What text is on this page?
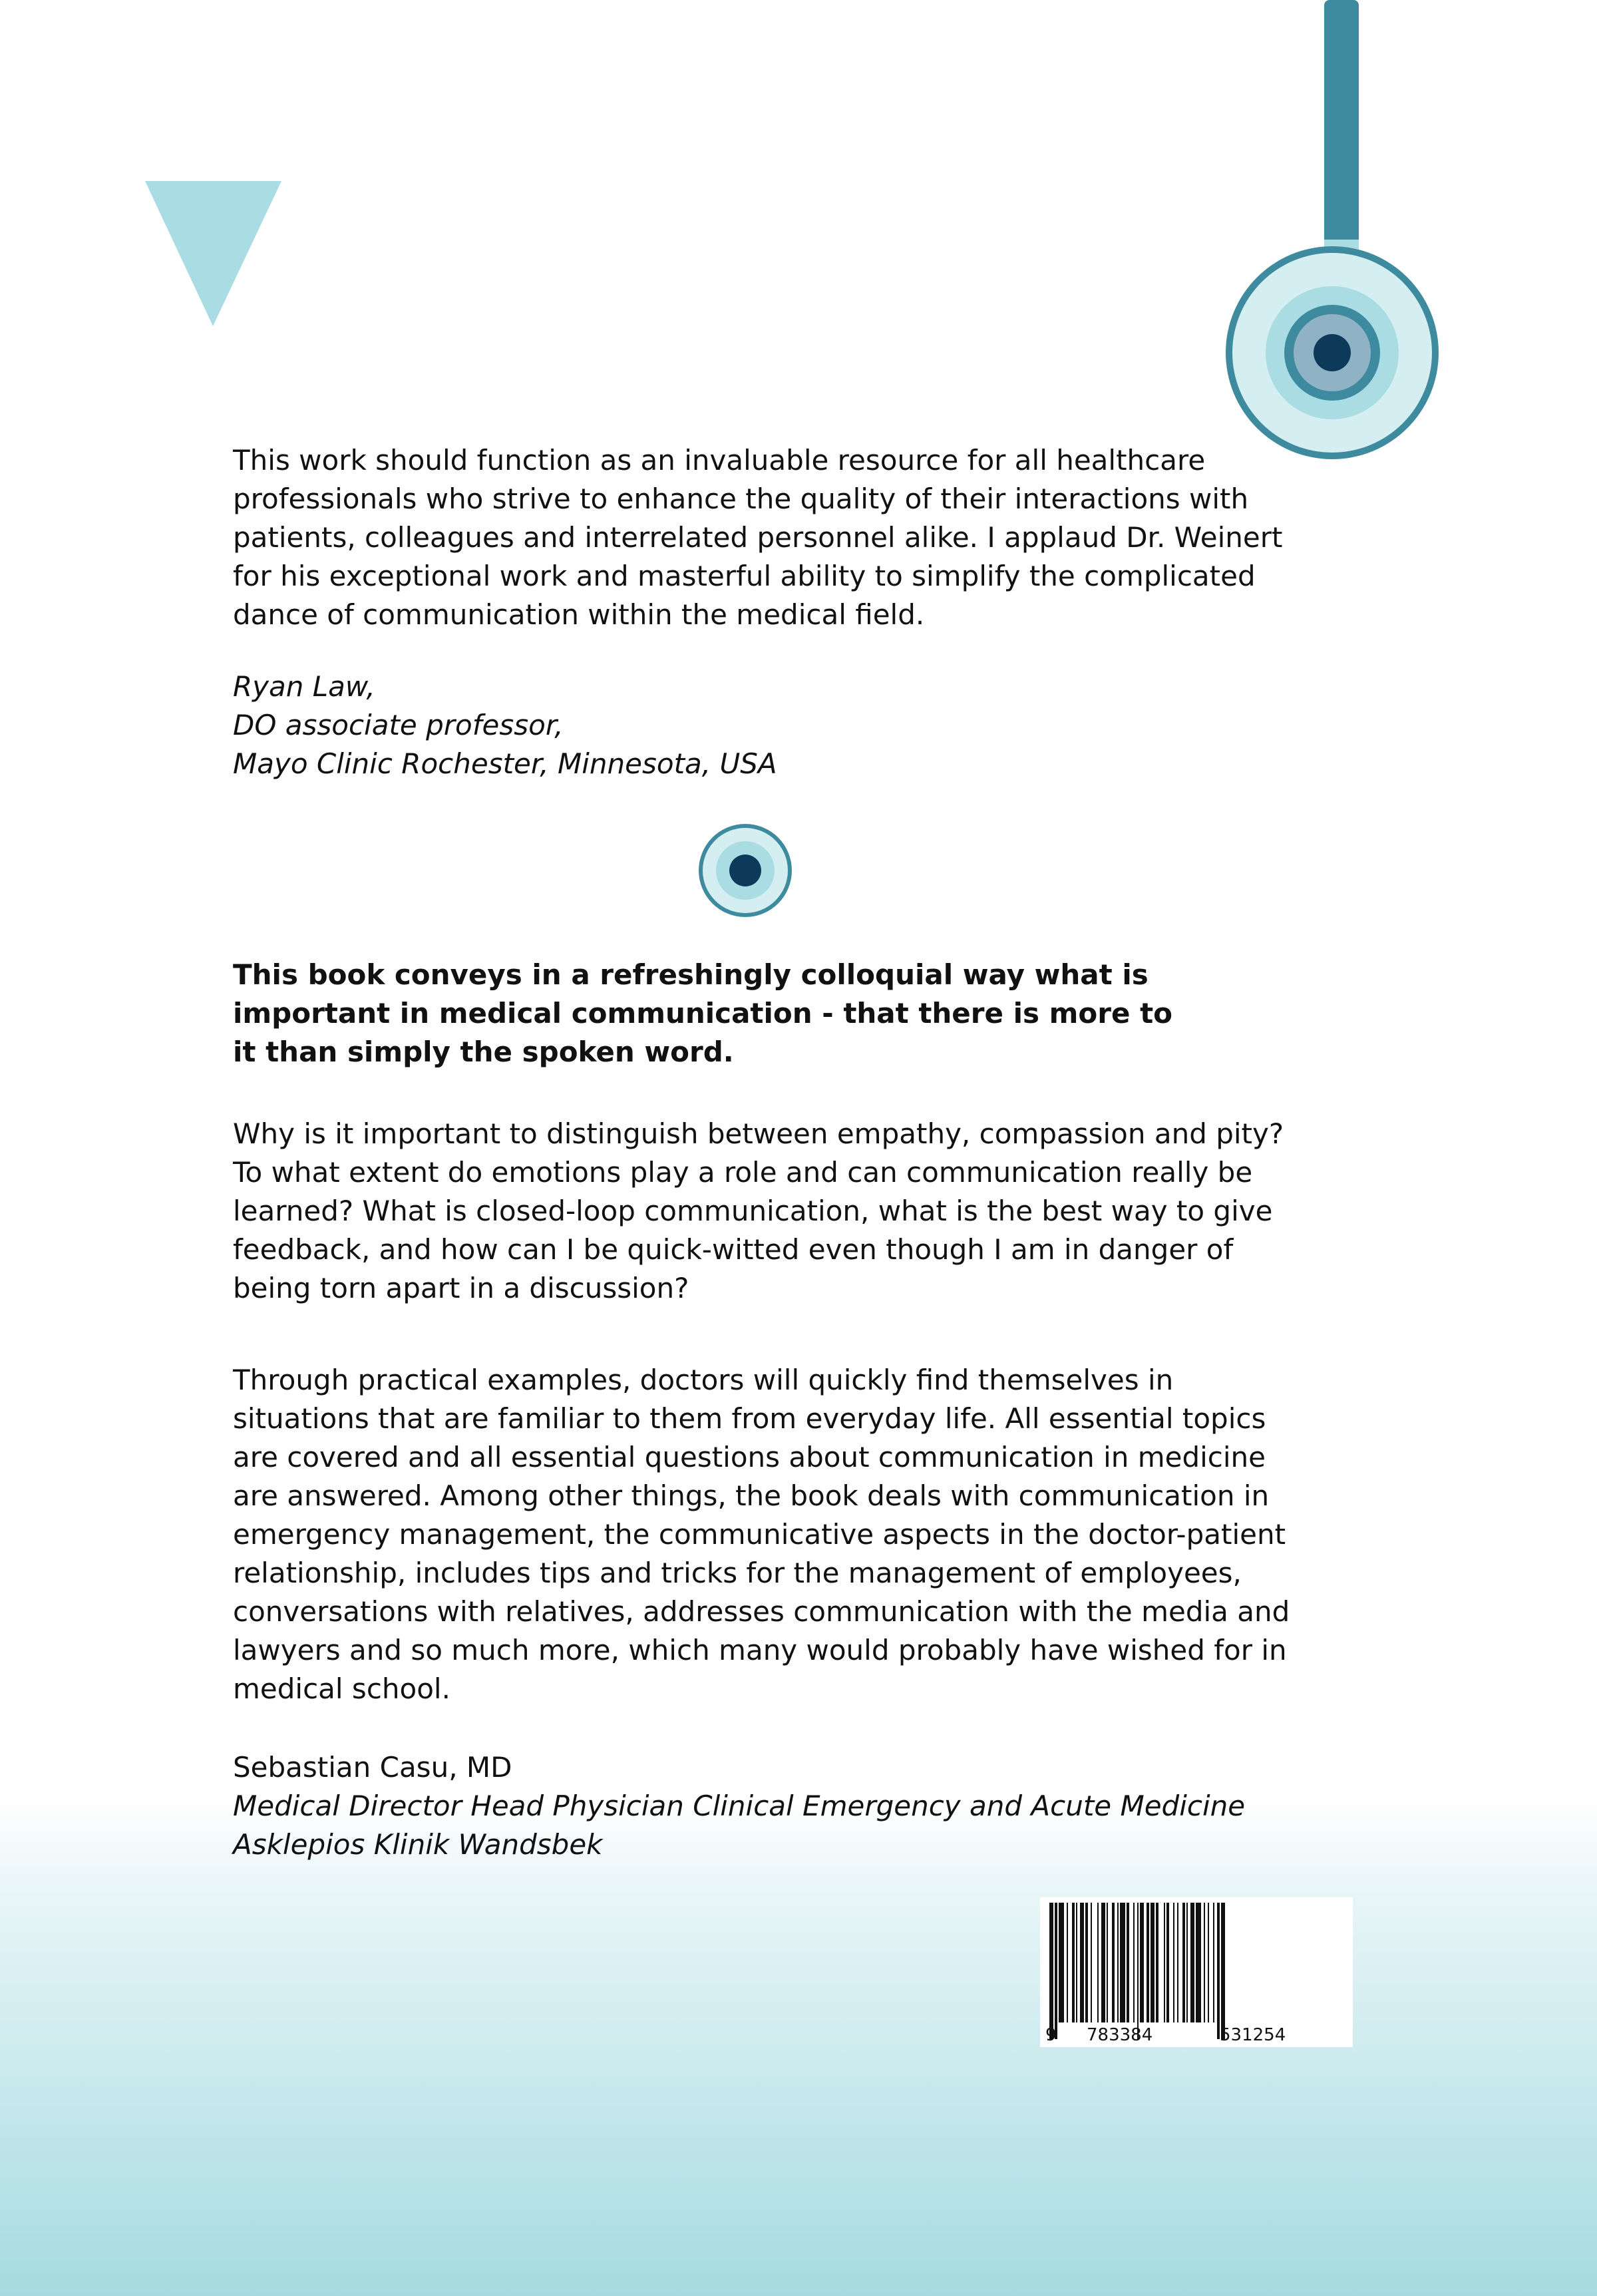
This work should function as an invaluable resource for all healthcare

professionals who strive to enhance the quality of their interactions with

patients, colleagues and interrelated personnel alike. I applaud Dr. Weinert

for his exceptional work and masterful ability to simplify the complicated

dance of communication within the medical field.

Ryan Law,

DO associate professor,

Mayo Clinic Rochester, Minnesota, USA

This book conveys in a refreshingly colloquial way what is

important in medical communication - that there is more to

it than simply the spoken word.

Why is it important to distinguish between empathy, compassion and pity?

To what extent do emotions play a role and can communication really be

learned? What is closed-loop communication, what is the best way to give

feedback, and how can I be quick-witted even though I am in danger of

being torn apart in a discussion?

Through practical examples, doctors will quickly find themselves in

situations that are familiar to them from everyday life. All essential topics

are covered and all essential questions about communication in medicine

are answered. Among other things, the book deals with communication in

emergency management, the communicative aspects in the doctor-patient

relationship, includes tips and tricks for the management of employees,

conversations with relatives, addresses communication with the media and

lawyers and so much more, which many would probably have wished for in

medical school.

Sebastian Casu, MD

Medical Director Head Physician Clinical Emergency and Acute Medicine

Asklepios Klinik Wandsbek

9 783384	531254
